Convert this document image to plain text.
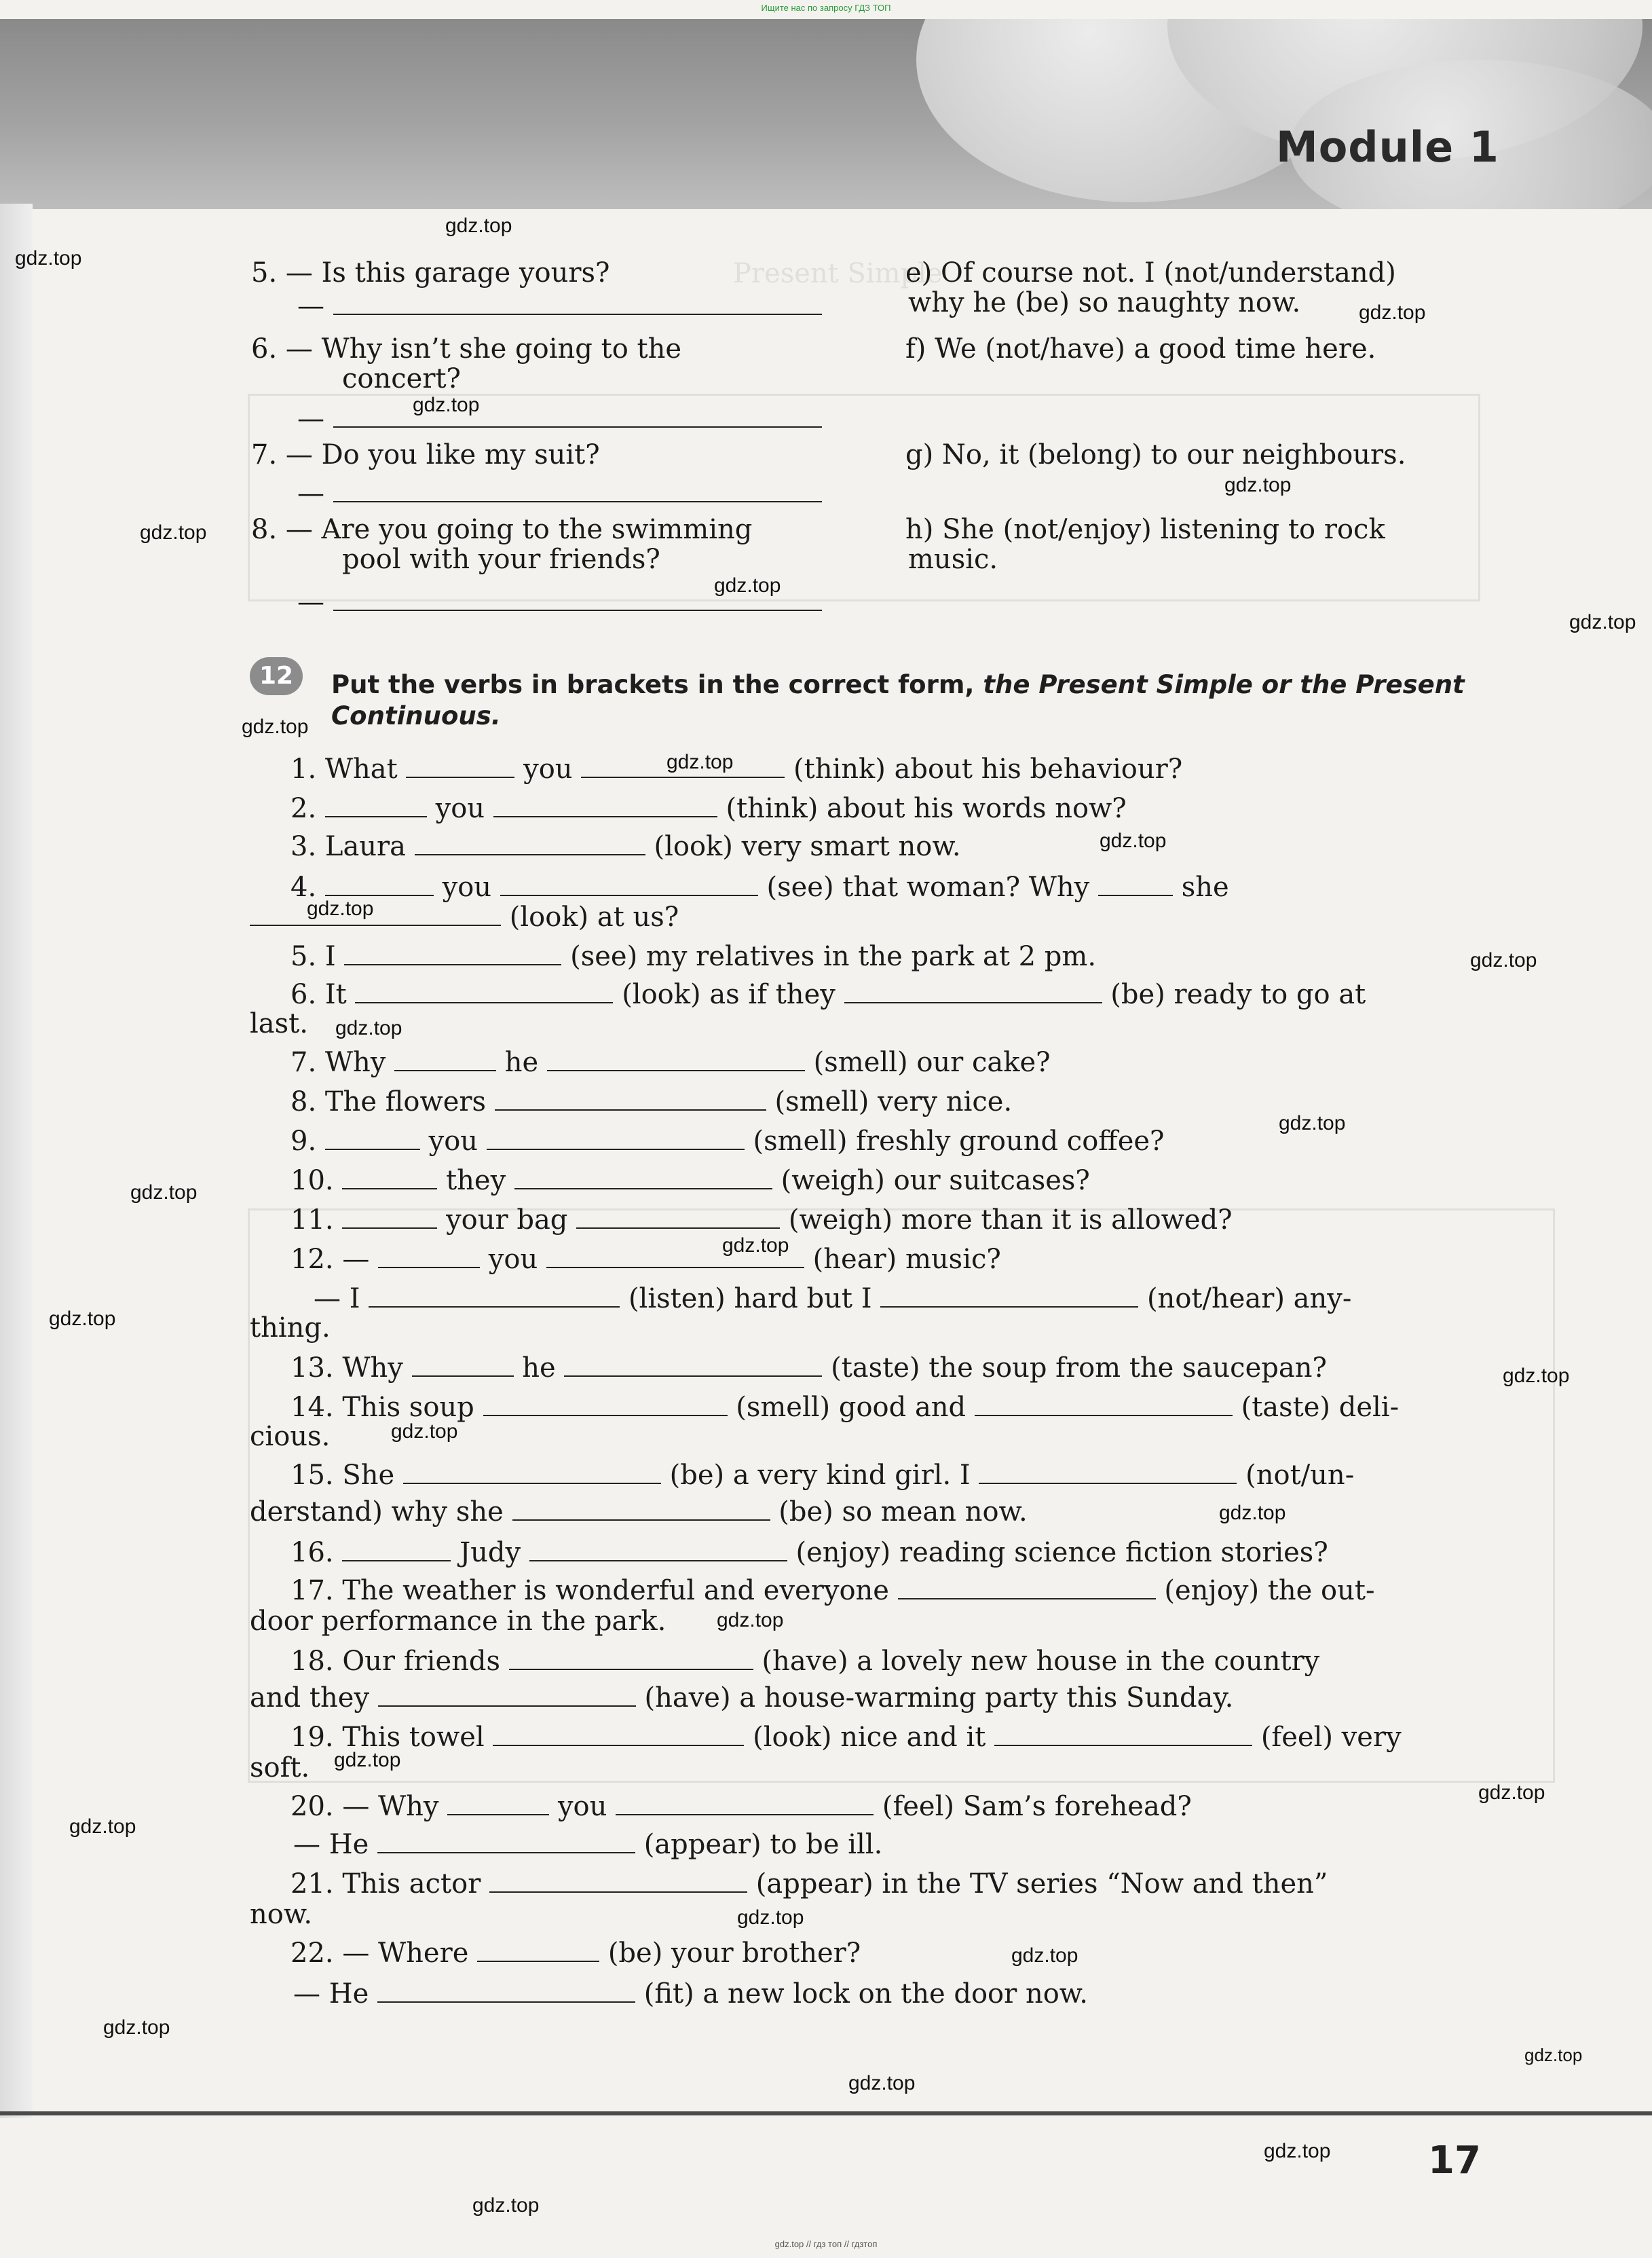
Ищите нас по запросу ГДЗ ТОП
Module 1
Present Simple
5. — Is this garage yours?
—
e) Of course not. I (not/understand)
why he (be) so naughty now.
6. — Why isn’t she going to the
concert?
—
f) We (not/have) a good time here.
7. — Do you like my suit?
—
g) No, it (belong) to our neighbours.
8. — Are you going to the swimming
pool with your friends?
—
h) She (not/enjoy) listening to rock
music.
12	Put the verbs in brackets in the correct form, the Present Simple or the Present Continuous.
1. What	you	(think) about his behaviour?
2.	you	(think) about his words now?
3. Laura	(look) very smart now.
4.	you	(see) that woman? Why	she
(look) at us?
5. I	(see) my relatives in the park at 2 pm.
6. It	(look) as if they	(be) ready to go at
last.
7. Why	he	(smell) our cake?
8. The flowers	(smell) very nice.
9.	you	(smell) freshly ground coffee?
10.	they	(weigh) our suitcases?
11.	your bag	(weigh) more than it is allowed?
12. —	you	(hear) music?
— I	(listen) hard but I	(not/hear) any-
thing.
13. Why	he	(taste) the soup from the saucepan?
14. This soup	(smell) good and	(taste) deli-
cious.
15. She	(be) a very kind girl. I	(not/un-
derstand) why she	(be) so mean now.
16.	Judy	(enjoy) reading science fiction stories?
17. The weather is wonderful and everyone	(enjoy) the out-
door performance in the park.
18. Our friends	(have) a lovely new house in the country
and they	(have) a house-warming party this Sunday.
19. This towel	(look) nice and it	(feel) very
soft.
20. — Why	you	(feel) Sam’s forehead?
— He	(appear) to be ill.
21. This actor	(appear) in the TV series “Now and then”
now.
22. — Where	(be) your brother?
— He	(fit) a new lock on the door now.
17
gdz.top // гдз топ // гдзтоп
gdz.top
gdz.top
gdz.top
gdz.top
gdz.top
gdz.top
gdz.top
gdz.top
gdz.top
gdz.top
gdz.top
gdz.top
gdz.top
gdz.top
gdz.top
gdz.top
gdz.top
gdz.top
gdz.top
gdz.top
gdz.top
gdz.top
gdz.top
gdz.top
gdz.top
gdz.top
gdz.top
gdz.top
gdz.top
gdz.top
gdz.top
gdz.top
